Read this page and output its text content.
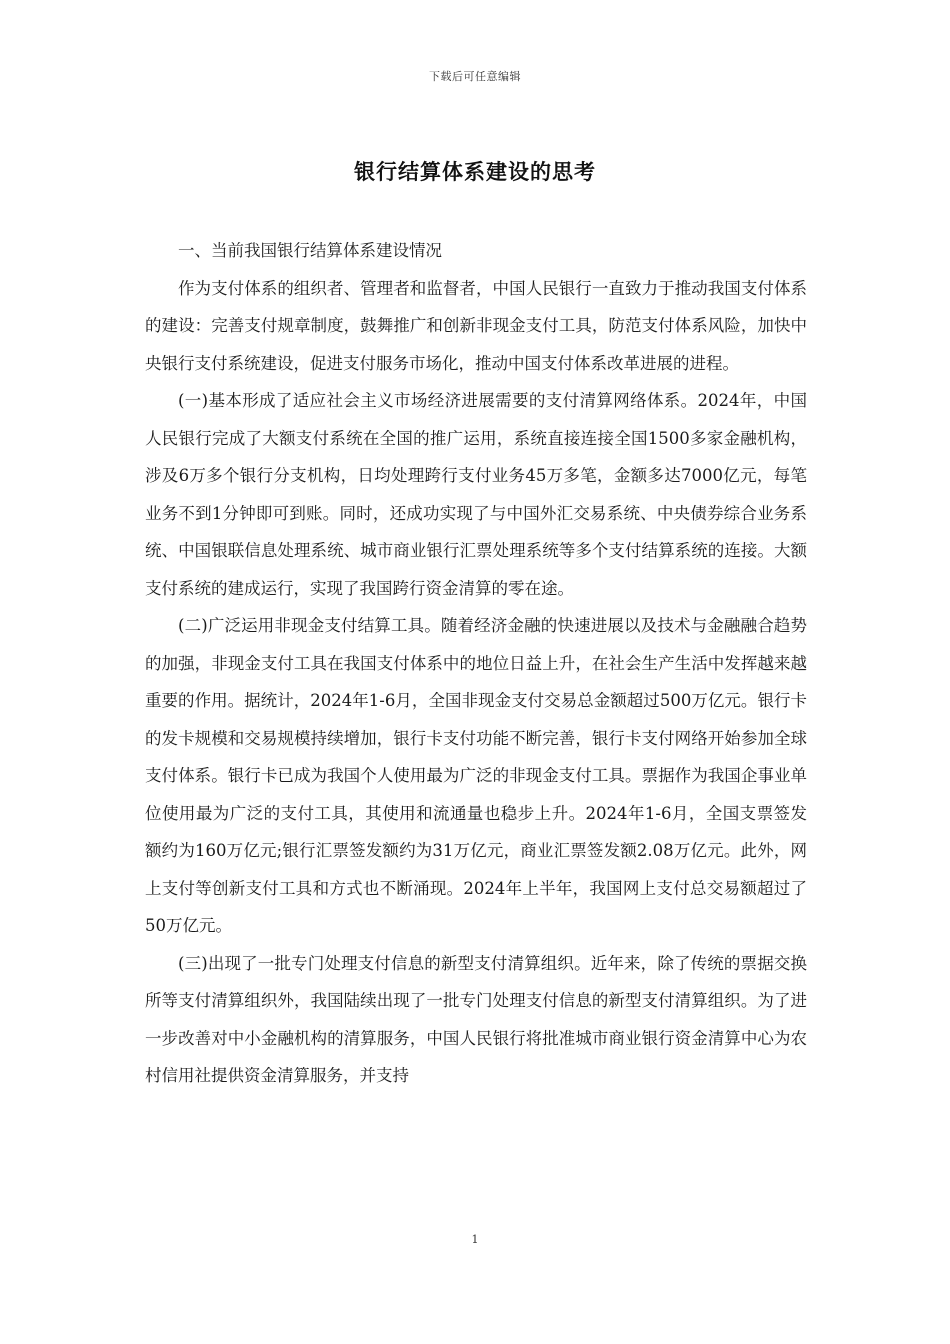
下载后可任意编辑
银行结算体系建设的思考

一、当前我国银行结算体系建设情况

作为支付体系的组织者、管理者和监督者，中国人民银行一直致力于推动我国支付体系的建设：完善支付规章制度，鼓舞推广和创新非现金支付工具，防范支付体系风险，加快中央银行支付系统建设，促进支付服务市场化，推动中国支付体系改革进展的进程。

(一)基本形成了适应社会主义市场经济进展需要的支付清算网络体系。2024年，中国人民银行完成了大额支付系统在全国的推广运用，系统直接连接全国1500多家金融机构，涉及6万多个银行分支机构，日均处理跨行支付业务45万多笔，金额多达7000亿元，每笔业务不到1分钟即可到账。同时，还成功实现了与中国外汇交易系统、中央债券综合业务系统、中国银联信息处理系统、城市商业银行汇票处理系统等多个支付结算系统的连接。大额支付系统的建成运行，实现了我国跨行资金清算的零在途。

(二)广泛运用非现金支付结算工具。随着经济金融的快速进展以及技术与金融融合趋势的加强，非现金支付工具在我国支付体系中的地位日益上升，在社会生产生活中发挥越来越重要的作用。据统计，2024年1-6月，全国非现金支付交易总金额超过500万亿元。银行卡的发卡规模和交易规模持续增加，银行卡支付功能不断完善，银行卡支付网络开始参加全球支付体系。银行卡已成为我国个人使用最为广泛的非现金支付工具。票据作为我国企事业单位使用最为广泛的支付工具，其使用和流通量也稳步上升。2024年1-6月，全国支票签发额约为160万亿元;银行汇票签发额约为31万亿元，商业汇票签发额2.08万亿元。此外，网上支付等创新支付工具和方式也不断涌现。2024年上半年，我国网上支付总交易额超过了50万亿元。

(三)出现了一批专门处理支付信息的新型支付清算组织。近年来，除了传统的票据交换所等支付清算组织外，我国陆续出现了一批专门处理支付信息的新型支付清算组织。为了进一步改善对中小金融机构的清算服务，中国人民银行将批准城市商业银行资金清算中心为农村信用社提供资金清算服务，并支持

1
